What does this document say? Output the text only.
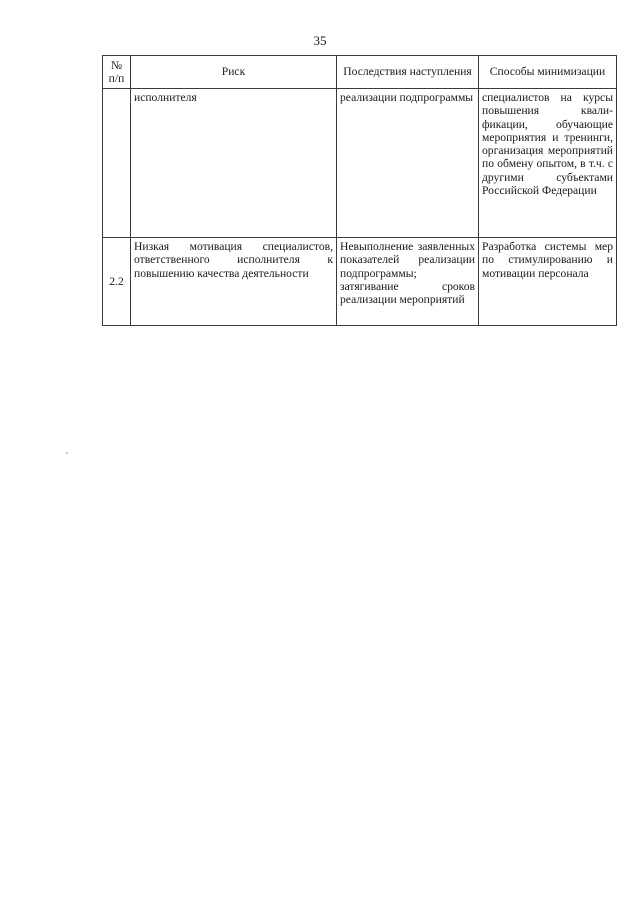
35
№ п/п	Риск	Последствия наступления	Способы минимизации
	исполнителя	реализации подпрограммы	специалистов на курсы повышения квалификации, обучающие мероприятия и тренинги, организация мероприятий по обмену опытом, в т.ч. с другими субъектами Российской Федерации
2.2	Низкая мотивация специалистов, ответственного исполнителя к повышению качества деятельности	Невыполнение заявленных показателей реализации подпрограммы; затягивание сроков реализации мероприятий	Разработка системы мер по стимулированию и мотивации персонала
